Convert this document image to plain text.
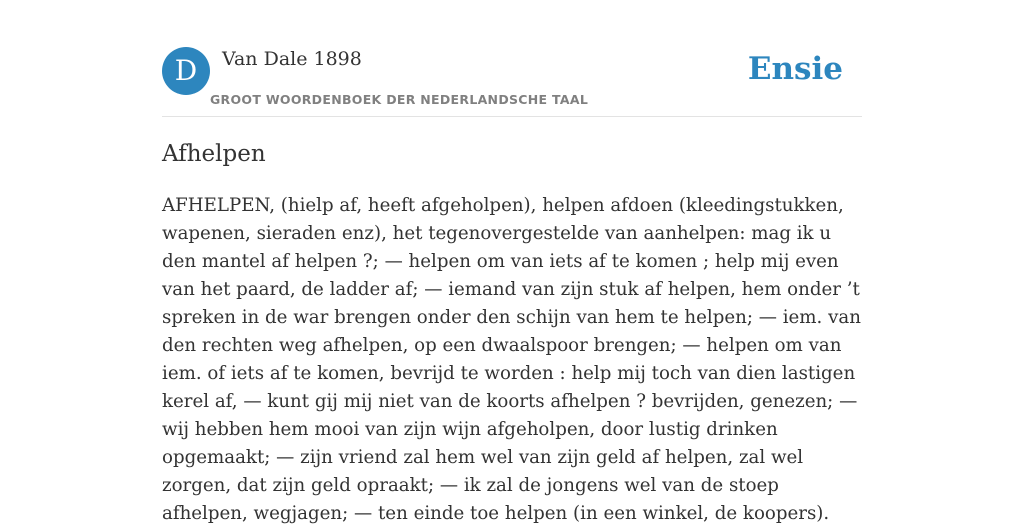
D	Van Dale 1898
GROOT WOORDENBOEK DER NEDERLANDSCHE TAAL
Ensie
Afhelpen

AFHELPEN, (hielp af, heeft afgeholpen), helpen afdoen (kleedingstukken, wapenen, sieraden enz), het tegenovergestelde van aanhelpen: mag ik u den mantel af helpen ?; — helpen om van iets af te komen ; help mij even van het paard, de ladder af; — iemand van zijn stuk af helpen, hem onder ’t spreken in de war brengen onder den schijn van hem te helpen; — iem. van den rechten weg afhelpen, op een dwaalspoor brengen; — helpen om van iem. of iets af te komen, bevrijd te worden : help mij toch van dien lastigen kerel af, — kunt gij mij niet van de koorts afhelpen ? bevrijden, genezen; — wij hebben hem mooi van zijn wijn afgeholpen, door lustig drinken opgemaakt; — zijn vriend zal hem wel van zijn geld af helpen, zal wel zorgen, dat zijn geld opraakt; — ik zal de jongens wel van de stoep afhelpen, wegjagen; — ten einde toe helpen (in een winkel, de koopers).
